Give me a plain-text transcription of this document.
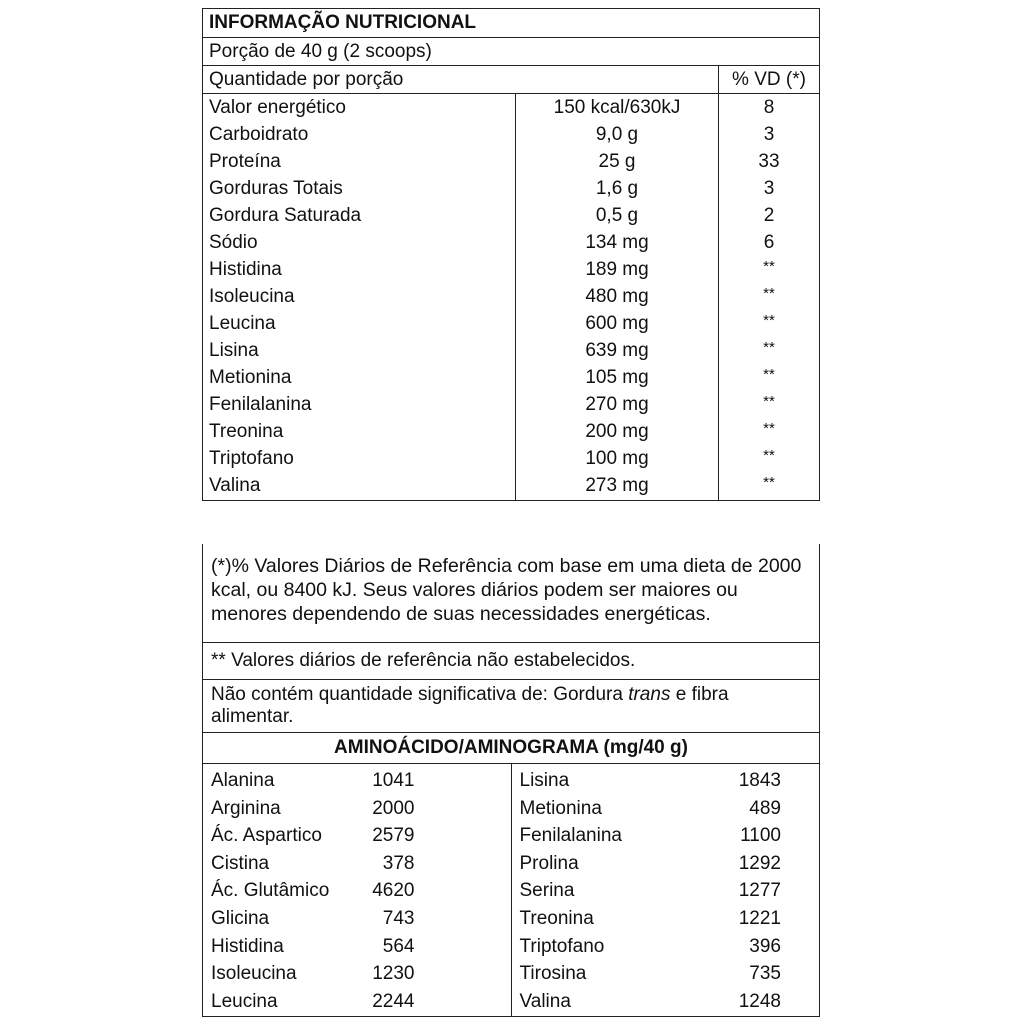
INFORMAÇÃO NUTRICIONAL		
Porção de 40 g (2 scoops)		
Quantidade por porção		% VD (*)
Valor energético	150 kcal/630kJ	8
Carboidrato	9,0 g	3
Proteína	25 g	33
Gorduras Totais	1,6 g	3
Gordura Saturada	0,5 g	2
Sódio	134 mg	6
Histidina	189 mg	**
Isoleucina	480 mg	**
Leucina	600 mg	**
Lisina	639 mg	**
Metionina	105 mg	**
Fenilalanina	270 mg	**
Treonina	200 mg	**
Triptofano	100 mg	**
Valina	273 mg	**
(*)% Valores Diários de Referência com base em uma dieta de 2000 kcal, ou 8400 kJ. Seus valores diários podem ser maiores ou menores dependendo de suas necessidades energéticas.
** Valores diários de referência não estabelecidos.
Não contém quantidade significativa de: Gordura trans e fibra alimentar.
AMINOÁCIDO/AMINOGRAMA (mg/40 g)
Alanina	1041
Arginina	2000
Ác. Aspartico	2579
Cistina	378
Ác. Glutâmico	4620
Glicina	743
Histidina	564
Isoleucina	1230
Leucina	2244
Lisina	1843
Metionina	489
Fenilalanina	1100
Prolina	1292
Serina	1277
Treonina	1221
Triptofano	396
Tirosina	735
Valina	1248
